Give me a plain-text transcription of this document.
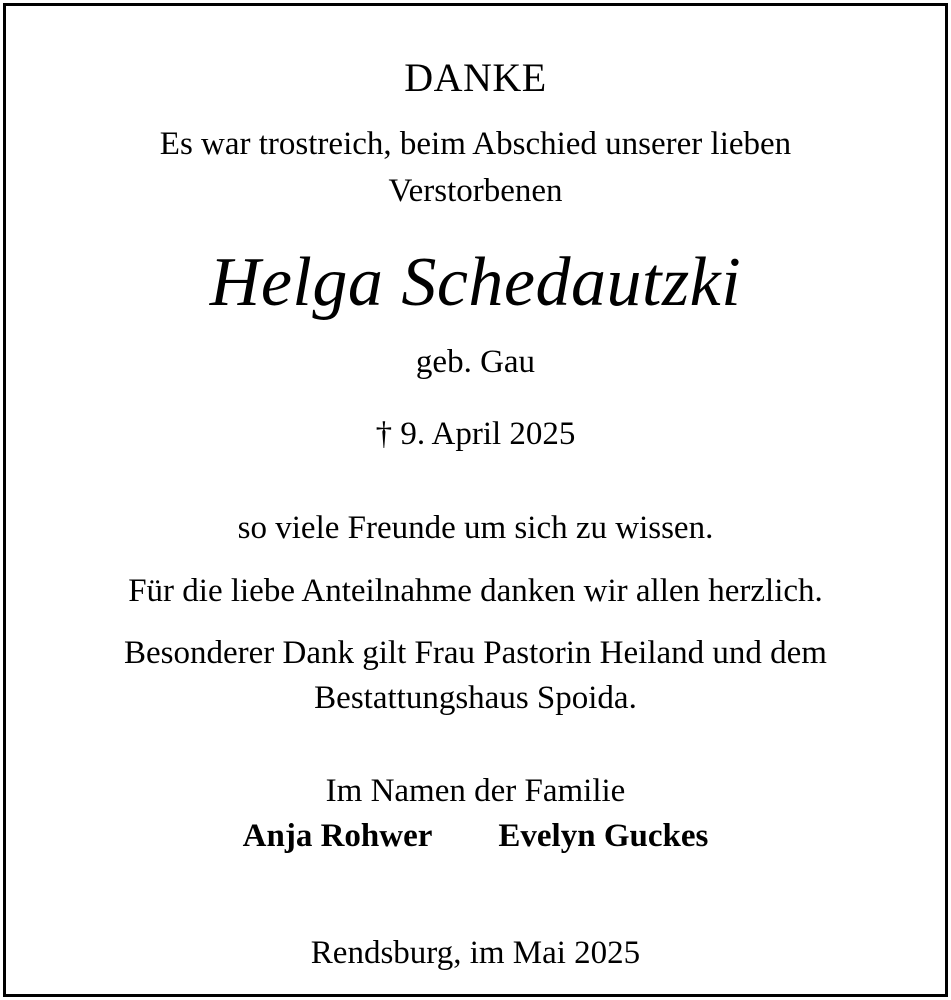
DANKE
Es war trostreich, beim Abschied unserer lieben
Verstorbenen
Helga Schedautzki
geb. Gau
† 9. April 2025
so viele Freunde um sich zu wissen.
Für die liebe Anteilnahme danken wir allen herzlich.
Besonderer Dank gilt Frau Pastorin Heiland und dem
Bestattungshaus Spoida.
Im Namen der Familie
Anja Rohwer Evelyn Guckes
Rendsburg, im Mai 2025
